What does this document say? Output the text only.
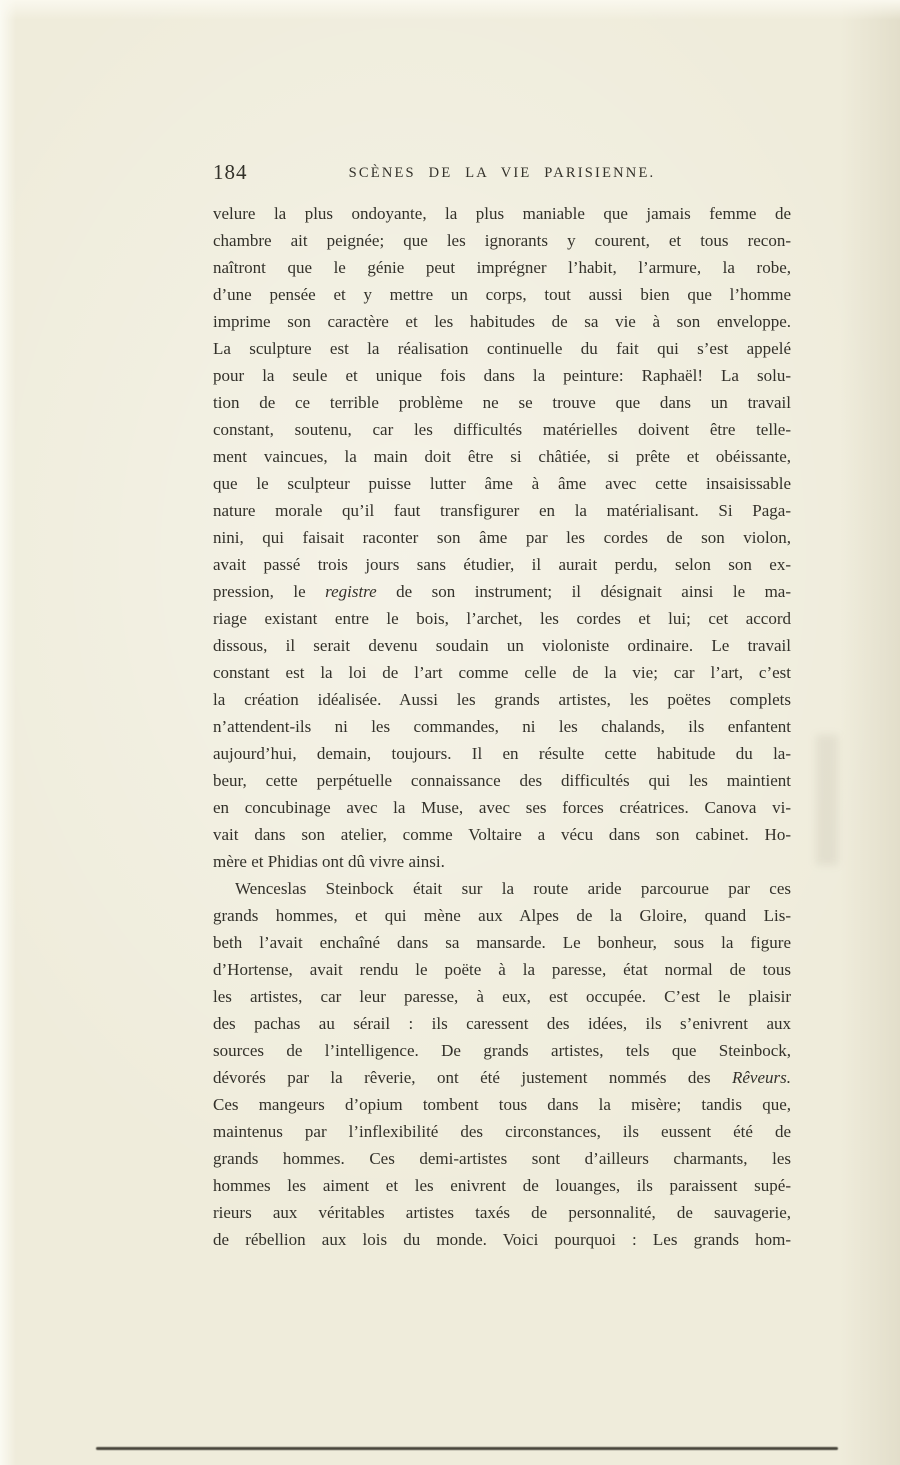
184	SCÈNES DE LA VIE PARISIENNE.
velure la plus ondoyante, la plus maniable que jamais femme de
chambre ait peignée; que les ignorants y courent, et tous recon-
naîtront que le génie peut imprégner l’habit, l’armure, la robe,
d’une pensée et y mettre un corps, tout aussi bien que l’homme
imprime son caractère et les habitudes de sa vie à son enveloppe.
La sculpture est la réalisation continuelle du fait qui s’est appelé
pour la seule et unique fois dans la peinture: Raphaël! La solu-
tion de ce terrible problème ne se trouve que dans un travail
constant, soutenu, car les difficultés matérielles doivent être telle-
ment vaincues, la main doit être si châtiée, si prête et obéissante,
que le sculpteur puisse lutter âme à âme avec cette insaisissable
nature morale qu’il faut transfigurer en la matérialisant. Si Paga-
nini, qui faisait raconter son âme par les cordes de son violon,
avait passé trois jours sans étudier, il aurait perdu, selon son ex-
pression, le registre de son instrument; il désignait ainsi le ma-
riage existant entre le bois, l’archet, les cordes et lui; cet accord
dissous, il serait devenu soudain un violoniste ordinaire. Le travail
constant est la loi de l’art comme celle de la vie; car l’art, c’est
la création idéalisée. Aussi les grands artistes, les poëtes complets
n’attendent-ils ni les commandes, ni les chalands, ils enfantent
aujourd’hui, demain, toujours. Il en résulte cette habitude du la-
beur, cette perpétuelle connaissance des difficultés qui les maintient
en concubinage avec la Muse, avec ses forces créatrices. Canova vi-
vait dans son atelier, comme Voltaire a vécu dans son cabinet. Ho-
mère et Phidias ont dû vivre ainsi.
Wenceslas Steinbock était sur la route aride parcourue par ces
grands hommes, et qui mène aux Alpes de la Gloire, quand Lis-
beth l’avait enchaîné dans sa mansarde. Le bonheur, sous la figure
d’Hortense, avait rendu le poëte à la paresse, état normal de tous
les artistes, car leur paresse, à eux, est occupée. C’est le plaisir
des pachas au sérail : ils caressent des idées, ils s’enivrent aux
sources de l’intelligence. De grands artistes, tels que Steinbock,
dévorés par la rêverie, ont été justement nommés des Rêveurs.
Ces mangeurs d’opium tombent tous dans la misère; tandis que,
maintenus par l’inflexibilité des circonstances, ils eussent été de
grands hommes. Ces demi-artistes sont d’ailleurs charmants, les
hommes les aiment et les enivrent de louanges, ils paraissent supé-
rieurs aux véritables artistes taxés de personnalité, de sauvagerie,
de rébellion aux lois du monde. Voici pourquoi : Les grands hom-
